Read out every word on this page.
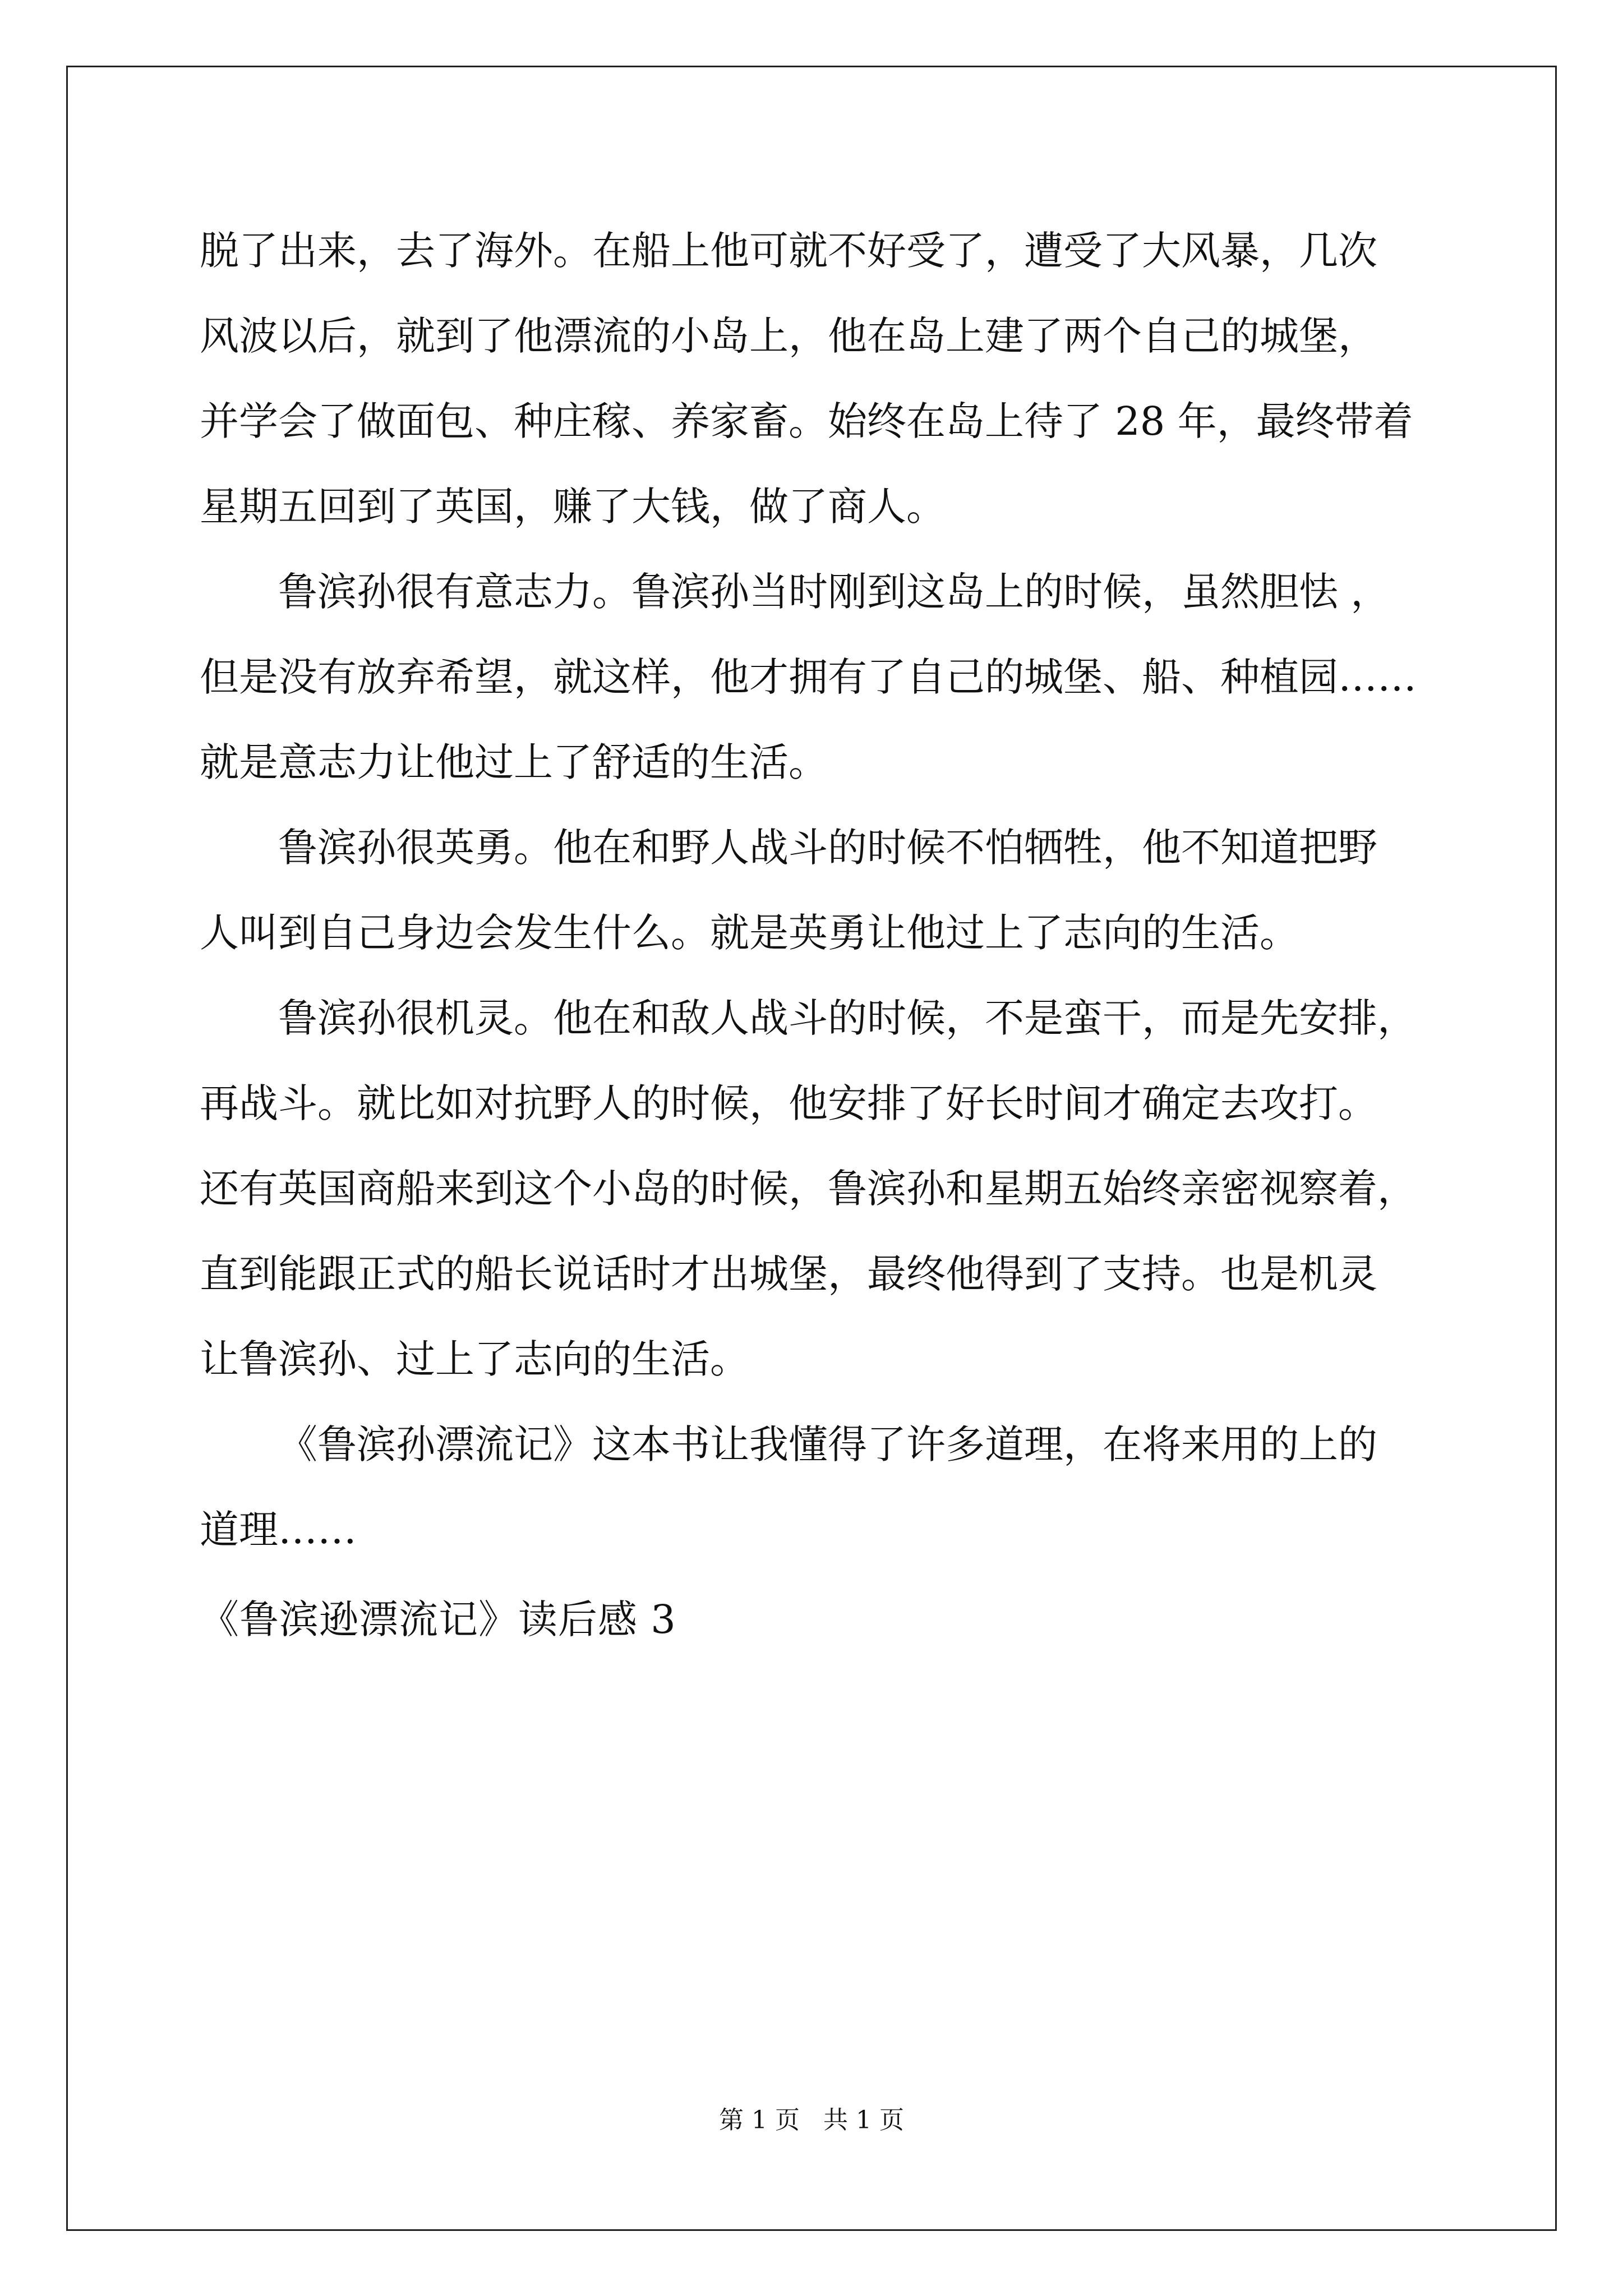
脱了出来，去了海外。在船上他可就不好受了，遭受了大风暴，几次
风波以后，就到了他漂流的小岛上，他在岛上建了两个自己的城堡，
并学会了做面包、种庄稼、养家畜。始终在岛上待了 28 年，最终带着
星期五回到了英国，赚了大钱，做了商人。
鲁滨孙很有意志力。鲁滨孙当时刚到这岛上的时候，虽然胆怯 ，
但是没有放弃希望，就这样，他才拥有了自己的城堡、船、种植园……
就是意志力让他过上了舒适的生活。
鲁滨孙很英勇。他在和野人战斗的时候不怕牺牲，他不知道把野
人叫到自己身边会发生什么。就是英勇让他过上了志向的生活。
鲁滨孙很机灵。他在和敌人战斗的时候，不是蛮干，而是先安排，
再战斗。就比如对抗野人的时候，他安排了好长时间才确定去攻打。
还有英国商船来到这个小岛的时候，鲁滨孙和星期五始终亲密视察着，
直到能跟正式的船长说话时才出城堡，最终他得到了支持。也是机灵
让鲁滨孙、过上了志向的生活。
《鲁滨孙漂流记》这本书让我懂得了许多道理，在将来用的上的
道理……
《鲁滨逊漂流记》读后感 3
第 1 页   共 1 页
